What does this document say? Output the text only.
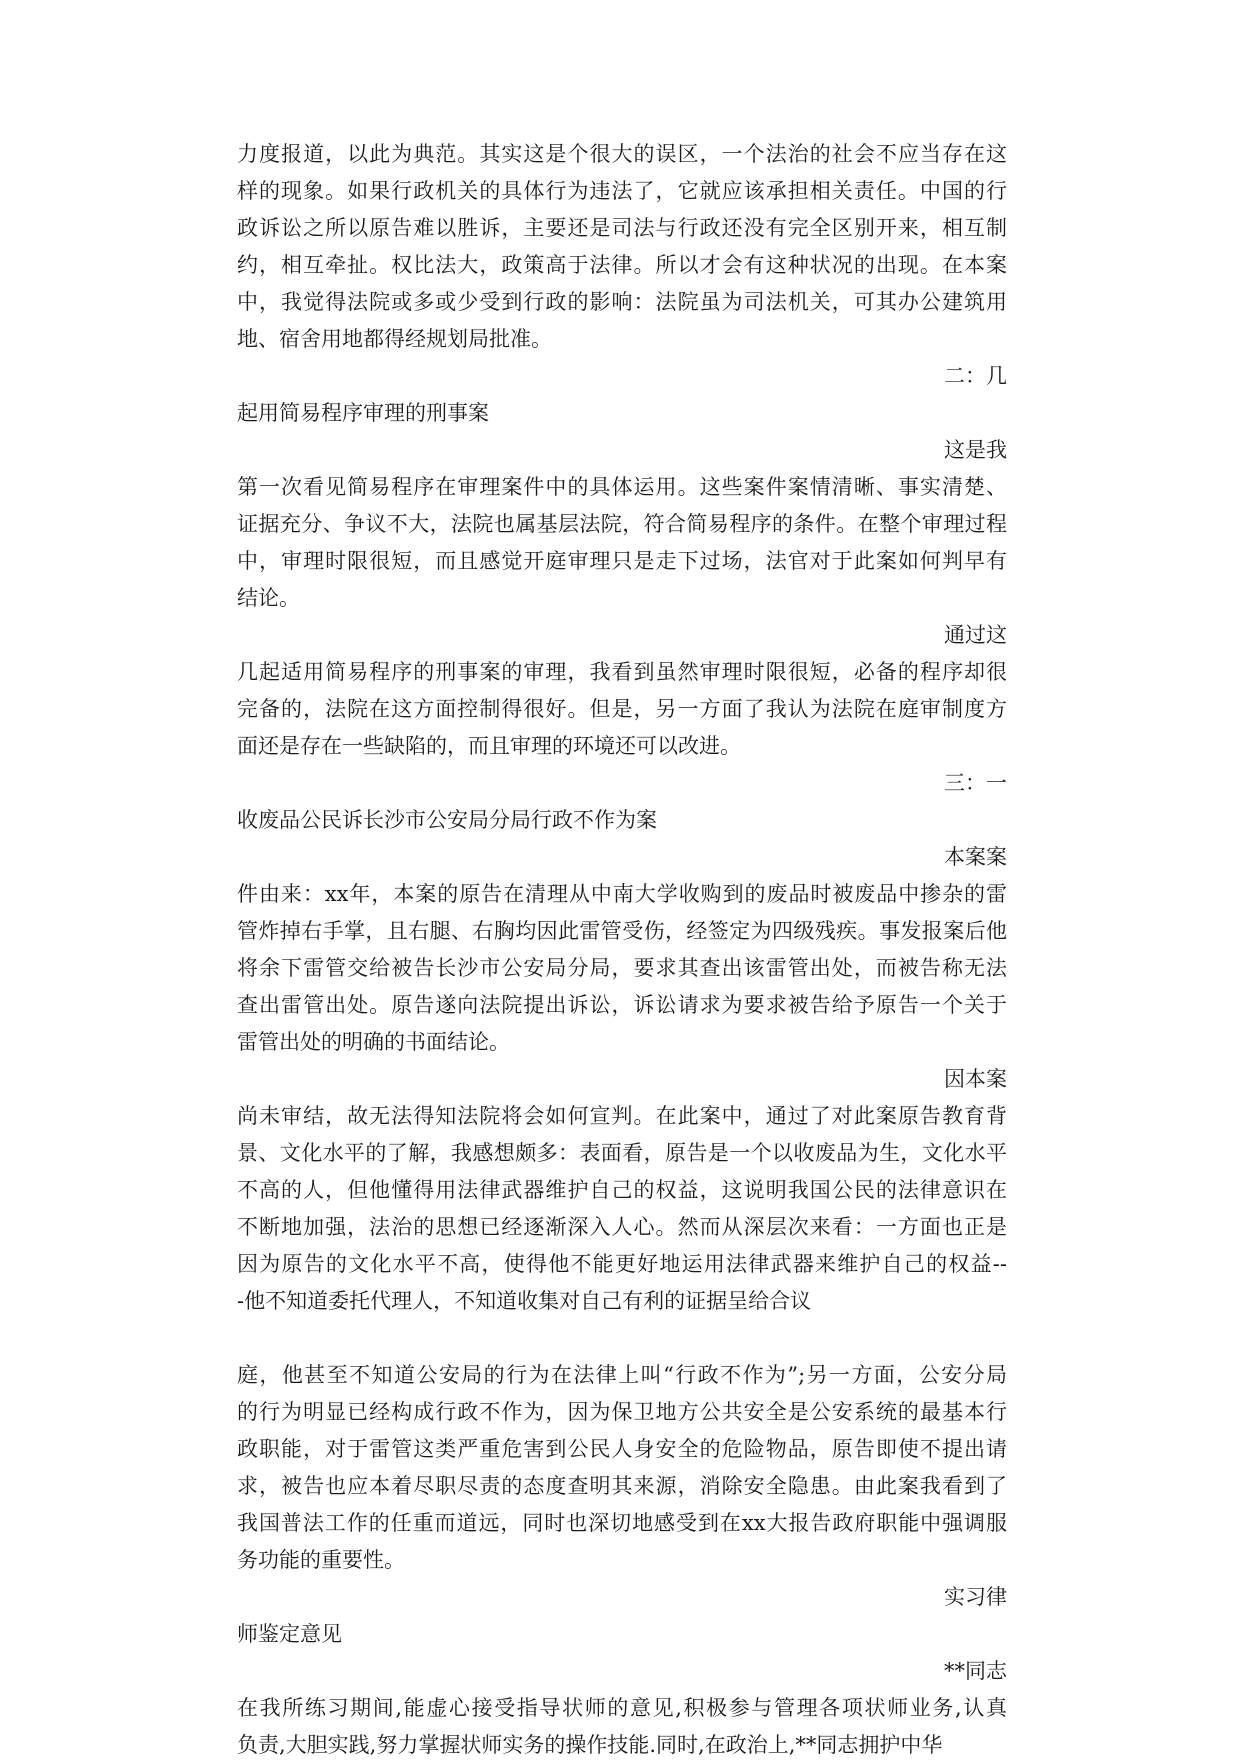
力度报道，以此为典范。其实这是个很大的误区，一个法治的社会不应当存在这
样的现象。如果行政机关的具体行为违法了，它就应该承担相关责任。中国的行
政诉讼之所以原告难以胜诉，主要还是司法与行政还没有完全区别开来，相互制
约，相互牵扯。权比法大，政策高于法律。所以才会有这种状况的出现。在本案
中，我觉得法院或多或少受到行政的影响：法院虽为司法机关，可其办公建筑用
地、宿舍用地都得经规划局批准。
二：几
起用简易程序审理的刑事案
这是我
第一次看见简易程序在审理案件中的具体运用。这些案件案情清晰、事实清楚、
证据充分、争议不大，法院也属基层法院，符合简易程序的条件。在整个审理过程
中，审理时限很短，而且感觉开庭审理只是走下过场，法官对于此案如何判早有
结论。
通过这
几起适用简易程序的刑事案的审理，我看到虽然审理时限很短，必备的程序却很
完备的，法院在这方面控制得很好。但是，另一方面了我认为法院在庭审制度方
面还是存在一些缺陷的，而且审理的环境还可以改进。
三：一
收废品公民诉长沙市公安局分局行政不作为案
本案案
件由来：xx年，本案的原告在清理从中南大学收购到的废品时被废品中掺杂的雷
管炸掉右手掌，且右腿、右胸均因此雷管受伤，经签定为四级残疾。事发报案后他
将余下雷管交给被告长沙市公安局分局，要求其查出该雷管出处，而被告称无法
查出雷管出处。原告遂向法院提出诉讼，诉讼请求为要求被告给予原告一个关于
雷管出处的明确的书面结论。
因本案
尚未审结，故无法得知法院将会如何宣判。在此案中，通过了对此案原告教育背
景、文化水平的了解，我感想颇多：表面看，原告是一个以收废品为生，文化水平
不高的人，但他懂得用法律武器维护自己的权益，这说明我国公民的法律意识在
不断地加强，法治的思想已经逐渐深入人心。然而从深层次来看：一方面也正是
因为原告的文化水平不高，使得他不能更好地运用法律武器来维护自己的权益--
-他不知道委托代理人，不知道收集对自己有利的证据呈给合议
庭，他甚至不知道公安局的行为在法律上叫“行政不作为”;另一方面，公安分局
的行为明显已经构成行政不作为，因为保卫地方公共安全是公安系统的最基本行
政职能，对于雷管这类严重危害到公民人身安全的危险物品，原告即使不提出请
求，被告也应本着尽职尽责的态度查明其来源，消除安全隐患。由此案我看到了
我国普法工作的任重而道远，同时也深切地感受到在xx大报告政府职能中强调服
务功能的重要性。
实习律
师鉴定意见
**同志
在我所练习期间,能虚心接受指导状师的意见,积极参与管理各项状师业务,认真
负责,大胆实践,努力掌握状师实务的操作技能.同时,在政治上,**同志拥护中华
